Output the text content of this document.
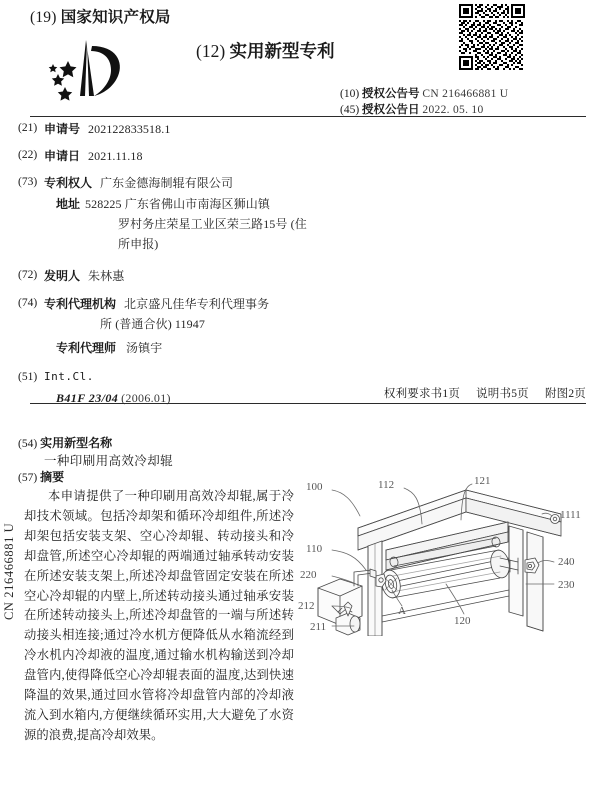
CN 216466881 U
(19) 国家知识产权局
(12) 实用新型专利
(10) 授权公告号 CN 216466881 U
(45) 授权公告日 2022. 05. 10
(21) 申请号 202122833518.1
(22) 申请日 2021.11.18
(73) 专利权人 广东金德海制辊有限公司
地址 528225 广东省佛山市南海区狮山镇
罗村务庄荣星工业区荣三路15号 (住
所申报)
(72) 发明人 朱林惠
(74) 专利代理机构 北京盛凡佳华专利代理事务
所 (普通合伙) 11947
专利代理师 汤镇宇
(51) Int.Cl.
B41F 23/04 (2006.01)	权利要求书1页 说明书5页 附图2页
(54) 实用新型名称
一种印刷用高效冷却辊
(57) 摘要
本申请提供了一种印刷用高效冷却辊,属于冷却技术领域。包括冷却架和循环冷却组件,所述冷却架包括安装支架、空心冷却辊、转动接头和冷却盘管,所述空心冷却辊的两端通过轴承转动安装在所述安装支架上,所述冷却盘管固定安装在所述空心冷却辊的内壁上,所述转动接头通过轴承安装在所述转动接头上,所述冷却盘管的一端与所述转动接头相连接;通过冷水机方便降低从水箱流经到冷水机内冷却液的温度,通过输水机构输送到冷却盘管内,使得降低空心冷却辊表面的温度,达到快速降温的效果,通过回水管将冷却盘管内部的冷却液流入到水箱内,方便继续循环实用,大大避免了水资源的浪费,提高冷却效果。
100	112	121
1111
110
240
230
120
220
212
211
A
